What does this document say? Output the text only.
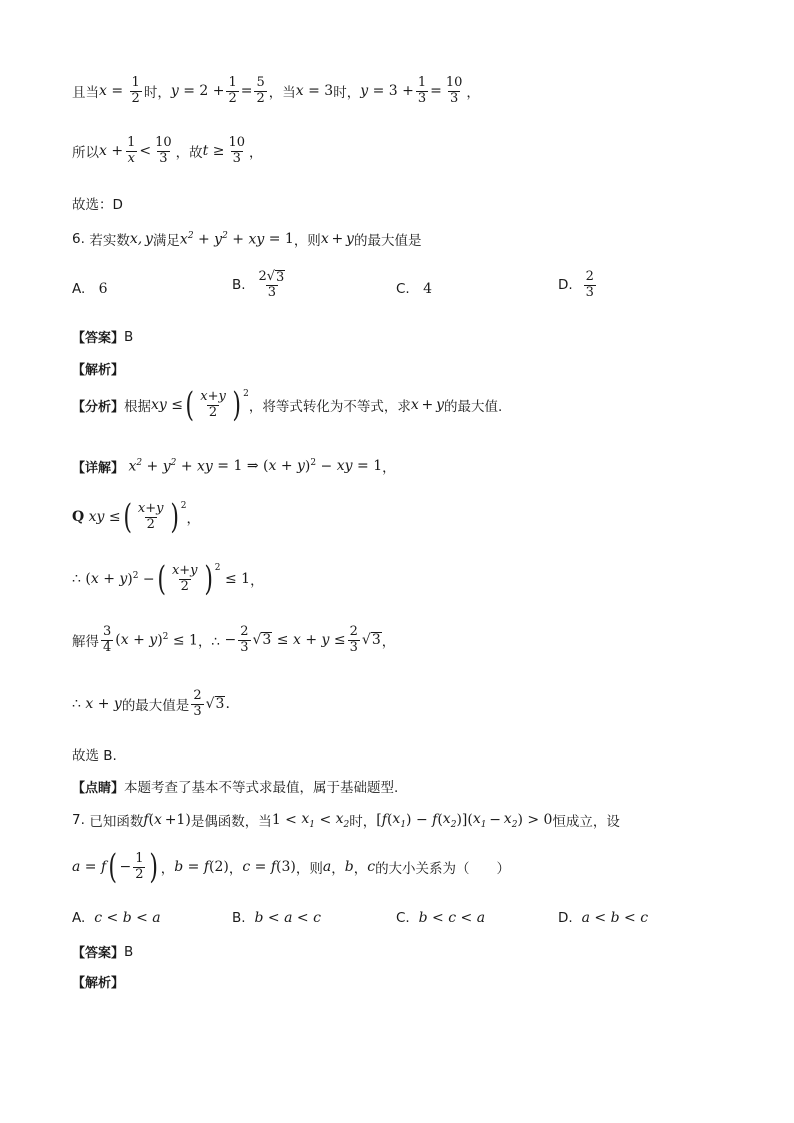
且当 $x = \frac{1}{2}$ 时， $y = 2 + \frac{1}{2} = \frac{5}{2}$ ，当 x = 3 时， $y = 3 + \frac{1}{3} = \frac{10}{3}$ ，
所以 $x + \frac{1}{x} < \frac{10}{3}$ ，故 $t \ge \frac{10}{3}$ ，
故选：D
6.
若实数 x, y 满足 $x^2 + y^2$ + xy = 1 ，则 x  +  y 的最大值是
A.
6	B.
$\frac{2√ 3}{3}$	C.
4	D.
$\frac{2}{3}$
【答案】 B
【解析】
【分析】 根据 xy ≤ ( $\frac{x+y}{2}$ ) $^2$
，将等式转化为不等式，求 x  +  y 的最大值.
【详解】 $x^2 + y^2$ + xy = 1 ⇒ ( x + y )$^2$ − xy = 1 ，
Q xy ≤ ( $\frac{x+y}{2}$ ) $^2$
，
∴ ( x + y )$^2$ − ( $\frac{x+y}{2}$ ) $^2$
≤ 1 ，
解得 $\frac{3}{4}$ ( x + y )$^2$ ≤ 1 ，∴ − $\frac{2}{3}$ √ $3 \le x + y \le \frac{2}{3}$ √ 3 ，
∴ x + y 的最大值是 $\frac{2}{3}$ √ 3 .
故选 B.
【点睛】 本题考查了基本不等式求最值，属于基础题型.
7.
已知函数 f ( x  +1) 是偶函数，当 $1 < x_1 < x_2$ 时， [ f ( $x_1$ ) − f ( $x_2$ )]( $x_1 - x_2$ ) > 0 恒成立，设
a = f ( − $\frac{1}{2}$ ) ， b = f (2) ， c = f (3) ，则 a ， b ， c 的大小关系为（　　）
A.
c < b < a	B.
b < a < c	C.
b < c < a	D.
a < b < c
【答案】 B
【解析】
